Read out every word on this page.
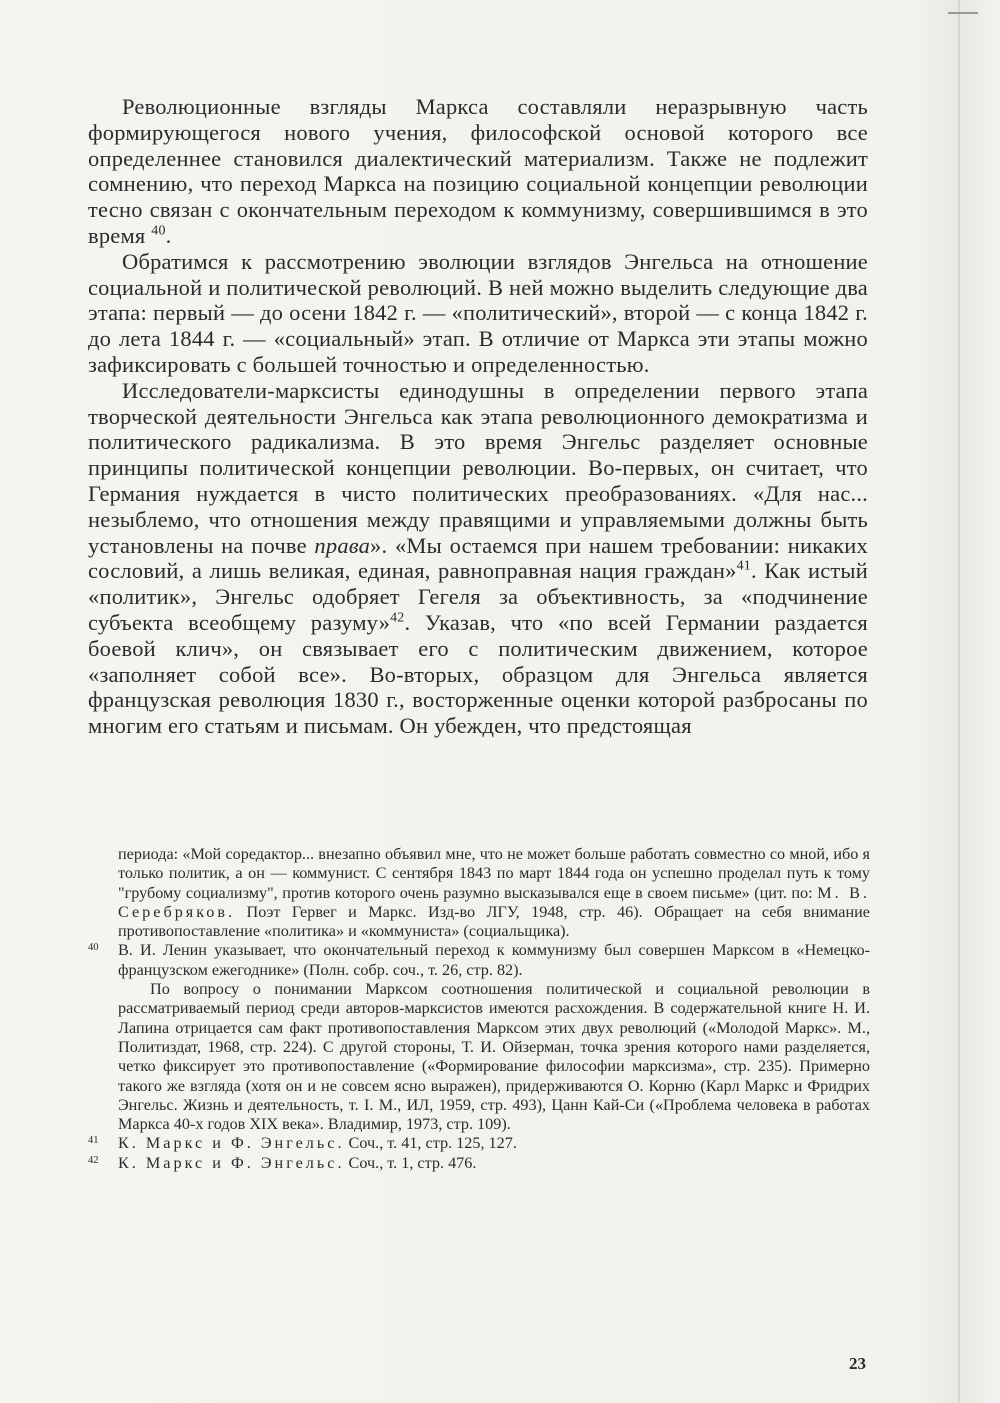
Революционные взгляды Маркса составляли неразрывную часть формирующегося нового учения, философской основой которого все определеннее становился диалектический материализм. Также не подлежит сомнению, что переход Маркса на позицию социальной концепции революции тесно связан с окончательным переходом к коммунизму, совершившимся в это время $^{40}$.

Обратимся к рассмотрению эволюции взглядов Энгельса на отношение социальной и политической революций. В ней можно выделить следующие два этапа: первый — до осени 1842 г. — «политический», второй — с конца 1842 г. до лета 1844 г. — «социальный» этап. В отличие от Маркса эти этапы можно зафиксировать с большей точностью и определенностью.

Исследователи-марксисты единодушны в определении первого этапа творческой деятельности Энгельса как этапа революционного демократизма и политического радикализма. В это время Энгельс разделяет основные принципы политической концепции революции. Во-первых, он считает, что Германия нуждается в чисто политических преобразованиях. «Для нас... незыблемо, что отношения между правящими и управляемыми должны быть установлены на почве права». «Мы остаемся при нашем требовании: никаких сословий, а лишь великая, единая, равноправная нация граждан»$^{41}$. Как истый «политик», Энгельс одобряет Гегеля за объективность, за «подчинение субъекта всеобщему разуму»$^{42}$. Указав, что «по всей Германии раздается боевой клич», он связывает его с политическим движением, которое «заполняет собой все». Во-вторых, образцом для Энгельса является французская революция 1830 г., восторженные оценки которой разбросаны по многим его статьям и письмам. Он убежден, что предстоящая

периода: «Мой соредактор... внезапно объявил мне, что не может больше работать совместно со мной, ибо я только политик, а он — коммунист. С сентября 1843 по март 1844 года он успешно проделал путь к тому "грубому социализму", против которого очень разумно высказывался еще в своем письме» (цит. по: М. В. Серебряков. Поэт Гервег и Маркс. Изд-во ЛГУ, 1948, стр. 46). Обращает на себя внимание противопоставление «политика» и «коммуниста» (социальщика).

40 В. И. Ленин указывает, что окончательный переход к коммунизму был совершен Марксом в «Немецко-французском ежегоднике» (Полн. собр. соч., т. 26, стр. 82).

По вопросу о понимании Марксом соотношения политической и социальной революции в рассматриваемый период среди авторов-марксистов имеются расхождения. В содержательной книге Н. И. Лапина отрицается сам факт противопоставления Марксом этих двух революций («Молодой Маркс». М., Политиздат, 1968, стр. 224). С другой стороны, Т. И. Ойзерман, точка зрения которого нами разделяется, четко фиксирует это противопоставление («Формирование философии марксизма», стр. 235). Примерно такого же взгляда (хотя он и не совсем ясно выражен), придерживаются О. Корню (Карл Маркс и Фридрих Энгельс. Жизнь и деятельность, т. I. М., ИЛ, 1959, стр. 493), Цанн Кай-Си («Проблема человека в работах Маркса 40-х годов XIX века». Владимир, 1973, стр. 109).

41 К. Маркс и Ф. Энгельс. Соч., т. 41, стр. 125, 127.

42 К. Маркс и Ф. Энгельс. Соч., т. 1, стр. 476.

23
